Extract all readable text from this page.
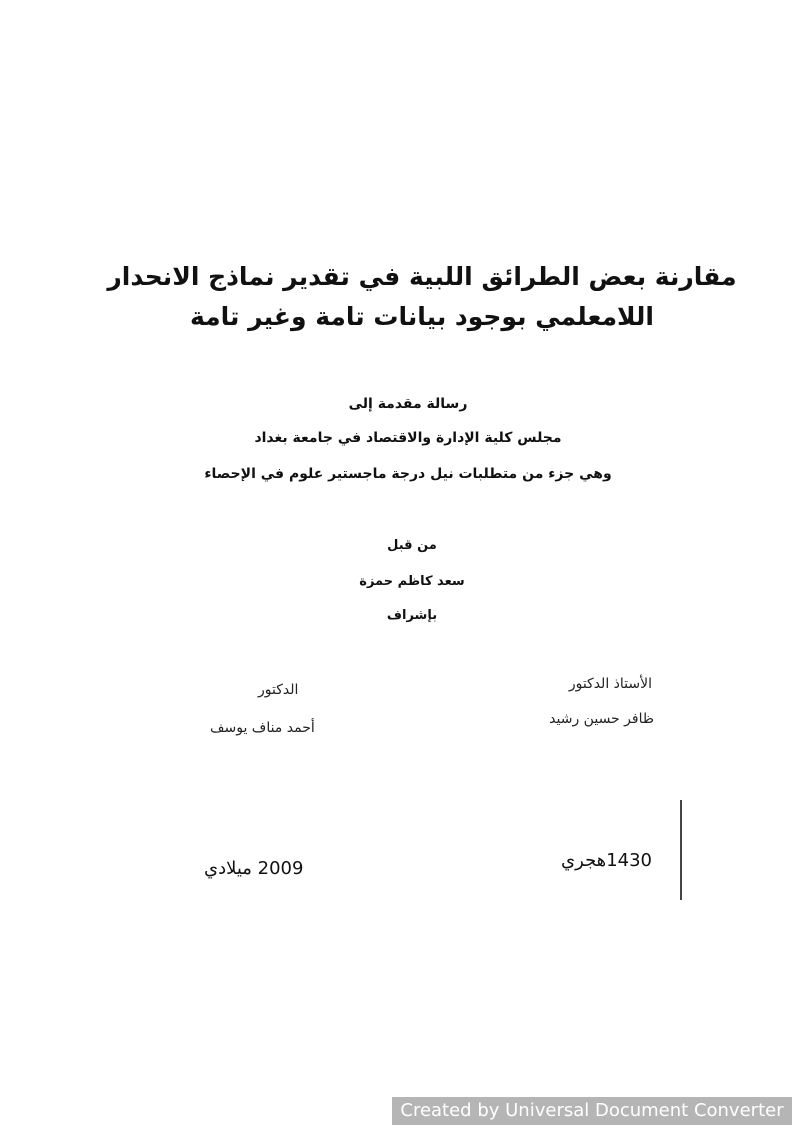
مقارنة بعض الطرائق اللبية في تقدير نماذج الانحدار
اللامعلمي بوجود بيانات تامة وغير تامة
رسالة مقدمة إلى
مجلس كلية الإدارة والاقتصاد في جامعة بغداد
وهي جزء من متطلبات نيل درجة ماجستير علوم في الإحصاء
من قبل
سعد كاظم حمزة
بإشراف
الأستاذ الدكتور
ظافر حسين رشيد
الدكتور
أحمد مناف يوسف
1430هجري
2009 ميلادي
Created by Universal Document Converter
